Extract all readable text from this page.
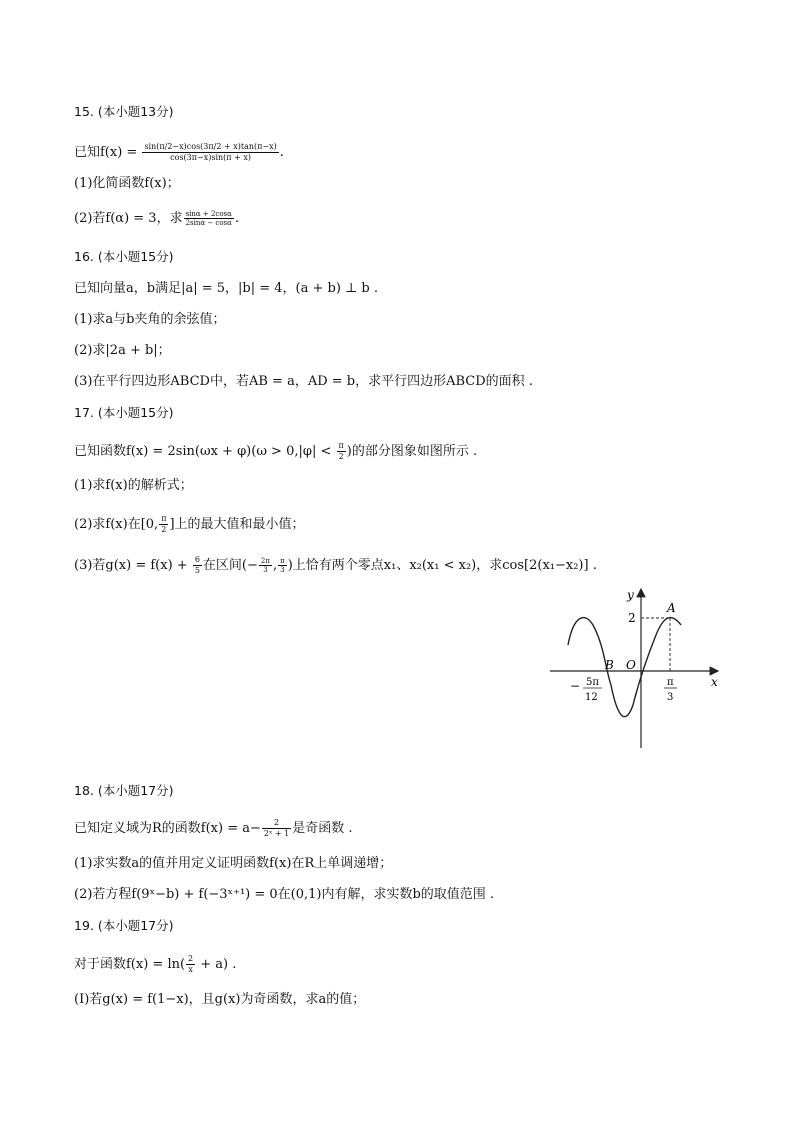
15. (本小题13分)
已知$f(x) = \frac{\sin(\pi/2-x)\cos(3\pi/2 + x)\tan(\pi-x)}{\cos(3\pi-x)\sin(\pi + x)}$ .
(1)化简函数f(x)；
(2)若f(α) = 3，求 $\frac{\sin\alpha + 2\cos\alpha}{2\sin\alpha - \cos\alpha}$ .
16. (本小题15分)
已知向量a，b满足|a| = 5，|b| = 4，(a + b) ⊥ b .
(1)求a与b夹角的余弦值；
(2)求|2a + b|；
(3)在平行四边形ABCD中，若AB = a，AD = b，求平行四边形ABCD的面积 .
17. (本小题15分)
已知函数$f(x) = 2\sin(\omega x + \varphi)(\omega > 0,|\varphi| < \frac{\pi}{2}$ )的部分图象如图所示 .
(1)求f(x)的解析式；
(2)求f(x)在[0, $\frac{\pi}{2}$ ]上的最大值和最小值；
(3)若$g(x) = f(x) + \frac{6}{5}$ 在区间(− $\frac{2\pi}{3}$ , $\frac{\pi}{3}$ )上恰有两个零点x₁、x₂(x₁ < x₂)，求cos[2(x₁−x₂)] .
y
x
A
B O
2
− 5π
12
π
3
18. (本小题17分)
已知定义域为R的函数$f(x) = a- \frac{2}{\text{2ˣ + 1}}$ 是奇函数 .
(1)求实数a的值并用定义证明函数f(x)在R上单调递增；
(2)若方程f(9ˣ−b) + f(−3ˣ⁺¹) = 0在(0,1)内有解，求实数b的取值范围 .
19. (本小题17分)
对于函数$f(x) = \ln( \frac{2}{x} + a)$ .
(Ⅰ)若g(x) = f(1−x)，且g(x)为奇函数，求a的值；
